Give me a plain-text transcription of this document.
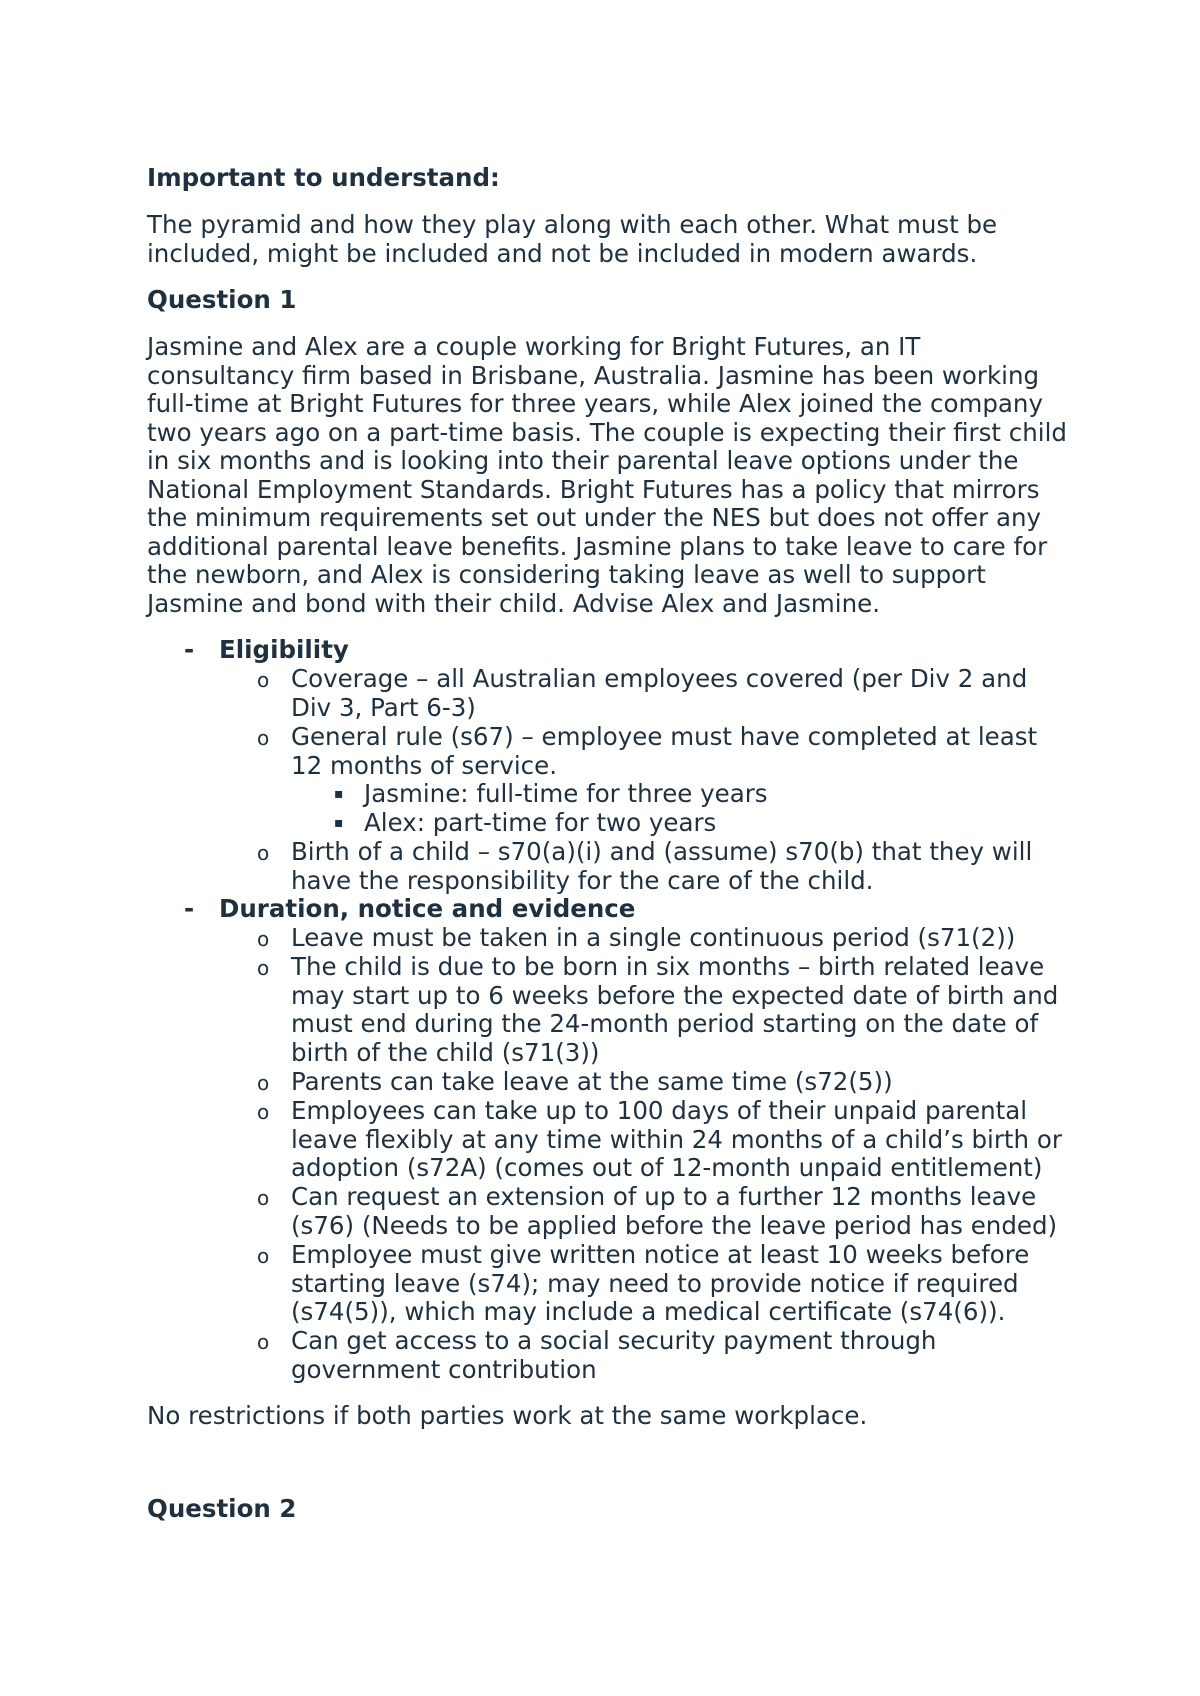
Important to understand:
The pyramid and how they play along with each other. What must be
included, might be included and not be included in modern awards.
Question 1
Jasmine and Alex are a couple working for Bright Futures, an IT
consultancy firm based in Brisbane, Australia. Jasmine has been working
full-time at Bright Futures for three years, while Alex joined the company
two years ago on a part-time basis. The couple is expecting their first child
in six months and is looking into their parental leave options under the
National Employment Standards. Bright Futures has a policy that mirrors
the minimum requirements set out under the NES but does not offer any
additional parental leave benefits. Jasmine plans to take leave to care for
the newborn, and Alex is considering taking leave as well to support
Jasmine and bond with their child. Advise Alex and Jasmine.
- Eligibility
o Coverage – all Australian employees covered (per Div 2 and
Div 3, Part 6-3)
o General rule (s67) – employee must have completed at least
12 months of service.
▪ Jasmine: full-time for three years
▪ Alex: part-time for two years
o Birth of a child – s70(a)(i) and (assume) s70(b) that they will
have the responsibility for the care of the child.
- Duration, notice and evidence
o Leave must be taken in a single continuous period (s71(2))
o The child is due to be born in six months – birth related leave
may start up to 6 weeks before the expected date of birth and
must end during the 24-month period starting on the date of
birth of the child (s71(3))
o Parents can take leave at the same time (s72(5))
o Employees can take up to 100 days of their unpaid parental
leave flexibly at any time within 24 months of a child’s birth or
adoption (s72A) (comes out of 12-month unpaid entitlement)
o Can request an extension of up to a further 12 months leave
(s76) (Needs to be applied before the leave period has ended)
o Employee must give written notice at least 10 weeks before
starting leave (s74); may need to provide notice if required
(s74(5)), which may include a medical certificate (s74(6)).
o Can get access to a social security payment through
government contribution
No restrictions if both parties work at the same workplace.
Question 2
